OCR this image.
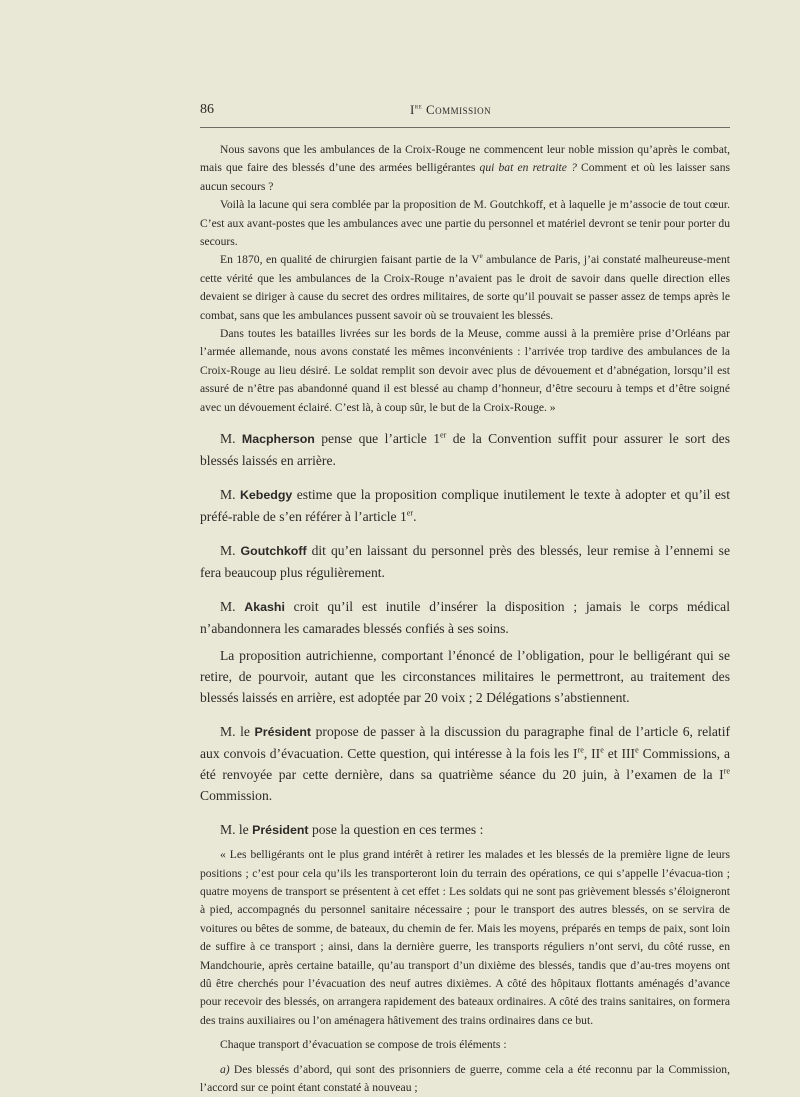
86	Ire Commission

Nous savons que les ambulances de la Croix-Rouge ne commencent leur noble mission qu’après le combat, mais que faire des blessés d’une des armées belligérantes qui bat en retraite ? Comment et où les laisser sans aucun secours ?

Voilà la lacune qui sera comblée par la proposition de M. Goutchkoff, et à laquelle je m’associe de tout cœur. C’est aux avant-postes que les ambulances avec une partie du personnel et matériel devront se tenir pour porter du secours.

En 1870, en qualité de chirurgien faisant partie de la Ve ambulance de Paris, j’ai constaté malheureuse-ment cette vérité que les ambulances de la Croix-Rouge n’avaient pas le droit de savoir dans quelle direction elles devaient se diriger à cause du secret des ordres militaires, de sorte qu’il pouvait se passer assez de temps après le combat, sans que les ambulances pussent savoir où se trouvaient les blessés.

Dans toutes les batailles livrées sur les bords de la Meuse, comme aussi à la première prise d’Orléans par l’armée allemande, nous avons constaté les mêmes inconvénients : l’arrivée trop tardive des ambulances de la Croix-Rouge au lieu désiré. Le soldat remplit son devoir avec plus de dévouement et d’abnégation, lorsqu’il est assuré de n’être pas abandonné quand il est blessé au champ d’honneur, d’être secouru à temps et d’être soigné avec un dévouement éclairé. C’est là, à coup sûr, le but de la Croix-Rouge. »

M. Macpherson pense que l’article 1er de la Convention suffit pour assurer le sort des blessés laissés en arrière.

M. Kebedgy estime que la proposition complique inutilement le texte à adopter et qu’il est préfé-rable de s’en référer à l’article 1er.

M. Goutchkoff dit qu’en laissant du personnel près des blessés, leur remise à l’ennemi se fera beaucoup plus régulièrement.

M. Akashi croit qu’il est inutile d’insérer la disposition ; jamais le corps médical n’abandonnera les camarades blessés confiés à ses soins.

La proposition autrichienne, comportant l’énoncé de l’obligation, pour le belligérant qui se retire, de pourvoir, autant que les circonstances militaires le permettront, au traitement des blessés laissés en arrière, est adoptée par 20 voix ; 2 Délégations s’abstiennent.

M. le Président propose de passer à la discussion du paragraphe final de l’article 6, relatif aux convois d’évacuation. Cette question, qui intéresse à la fois les Ire, IIe et IIIe Commissions, a été renvoyée par cette dernière, dans sa quatrième séance du 20 juin, à l’examen de la Ire Commission.

M. le Président pose la question en ces termes :

« Les belligérants ont le plus grand intérêt à retirer les malades et les blessés de la première ligne de leurs positions ; c’est pour cela qu’ils les transporteront loin du terrain des opérations, ce qui s’appelle l’évacua-tion ; quatre moyens de transport se présentent à cet effet : Les soldats qui ne sont pas grièvement blessés s’éloigneront à pied, accompagnés du personnel sanitaire nécessaire ; pour le transport des autres blessés, on se servira de voitures ou bêtes de somme, de bateaux, du chemin de fer. Mais les moyens, préparés en temps de paix, sont loin de suffire à ce transport ; ainsi, dans la dernière guerre, les transports réguliers n’ont servi, du côté russe, en Mandchourie, après certaine bataille, qu’au transport d’un dixième des blessés, tandis que d’au-tres moyens ont dû être cherchés pour l’évacuation des neuf autres dixièmes. A côté des hôpitaux flottants aménagés d’avance pour recevoir des blessés, on arrangera rapidement des bateaux ordinaires. A côté des trains sanitaires, on formera des trains auxiliaires ou l’on aménagera hâtivement des trains ordinaires dans ce but.

Chaque transport d’évacuation se compose de trois éléments :

a) Des blessés d’abord, qui sont des prisonniers de guerre, comme cela a été reconnu par la Commission, l’accord sur ce point étant constaté à nouveau ;
